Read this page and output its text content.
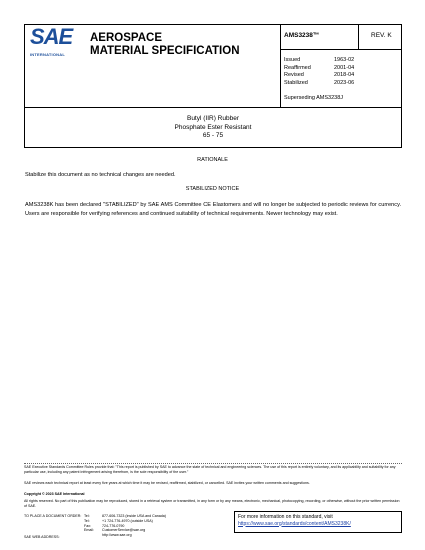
SAE
INTERNATIONAL
AEROSPACE
MATERIAL SPECIFICATION
AMS3238™	REV. K
Issued	1963-02
Reaffirmed	2001-04
Revised	2018-04
Stabilized	2023-06
Superseding AMS3238J
Butyl (IIR) Rubber
Phosphate Ester Resistant
65 - 75
RATIONALE
Stabilize this document as no technical changes are needed.
STABILIZED NOTICE
AMS3238K has been declared "STABILIZED" by SAE AMS Committee CE Elastomers and will no longer be subjected to periodic reviews for currency. Users are responsible for verifying references and continued suitability of technical requirements. Newer technology may exist.
SAE Executive Standards Committee Rules provide that: "This report is published by SAE to advance the state of technical and engineering sciences. The use of this report is entirely voluntary, and its applicability and suitability for any particular use, including any patent infringement arising therefrom, is the sole responsibility of the user."
SAE reviews each technical report at least every five years at which time it may be revised, reaffirmed, stabilized, or cancelled. SAE invites your written comments and suggestions.
Copyright © 2023 SAE International
All rights reserved. No part of this publication may be reproduced, stored in a retrieval system or transmitted, in any form or by any means, electronic, mechanical, photocopying, recording, or otherwise, without the prior written permission of SAE.
TO PLACE A DOCUMENT ORDER: Tel:	877-606-7323 (inside USA and Canada)
Tel:	+1 724-776-4970 (outside USA)
Fax:	724-776-0790
Email: CustomerService@sae.org
http://www.sae.org
SAE WEB ADDRESS:
For more information on this standard, visit
https://www.sae.org/standards/content/AMS3238K/
